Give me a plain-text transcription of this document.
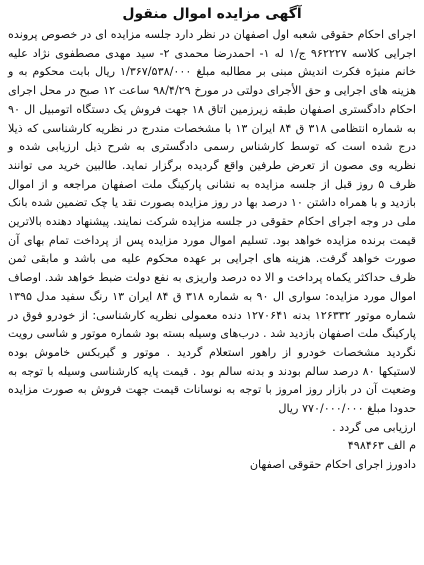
آگهی مزایده اموال منقول

اجرای احکام حقوقی شعبه اول اصفهان در نظر دارد جلسه مزایده ای در خصوص پرونده اجرایی کلاسه ۹۶۲۲۲۷ ج/۱ له ۱- احمدرضا محمدی ۲- سید مهدی مصطفوی نژاد علیه خانم منیژه فکرت اندیش مبنی بر مطالبه مبلغ ۱/۳۶۷/۵۳۸/۰۰۰ ریال بابت محکوم به و هزینه های اجرایی و حق الأجرای دولتی در مورخ ۹۸/۴/۲۹ ساعت ۱۲ صبح در محل اجرای احکام دادگستری اصفهان طبقه زیرزمین اتاق ۱۸ جهت فروش یک دستگاه اتومبیل ال ۹۰ به شماره انتظامی ۳۱۸ ق ۸۴ ایران ۱۳ با مشخصات مندرج در نظریه کارشناسی که ذیلا درج شده است که توسط کارشناس رسمی دادگستری به شرح ذیل ارزیابی شده و نظریه وی مصون از تعرض طرفین واقع گردیده برگزار نماید. طالبین خرید می توانند ظرف ۵ روز قبل از جلسه مزایده به نشانی پارکینگ ملت اصفهان مراجعه و از اموال بازدید و با همراه داشتن ۱۰ درصد بها در روز مزایده بصورت نقد یا چک تضمین شده بانک ملی در وجه اجرای احکام حقوقی در جلسه مزایده شرکت نمایند. پیشنهاد دهنده بالاترین قیمت برنده مزایده خواهد بود. تسلیم اموال مورد مزایده پس از پرداخت تمام بهای آن صورت خواهد گرفت. هزینه های اجرایی بر عهده محکوم علیه می باشد و مابقی ثمن ظرف حداکثر یکماه پرداخت و الا ده درصد واریزی به نفع دولت ضبط خواهد شد. اوصاف اموال مورد مزایده: سواری ال ۹۰ به شماره ۳۱۸ ق ۸۴ ایران ۱۳ رنگ سفید مدل ۱۳۹۵ شماره موتور ۱۲۶۳۳۲ بدنه ۱۲۷۰۶۴۱ دنده معمولی نظریه کارشناسی: از خودرو فوق در پارکینگ ملت اصفهان بازدید شد . درب‌های وسیله بسته بود شماره موتور و شاسی رویت نگردید مشخصات خودرو از راهور استعلام گردید . موتور و گیربکس خاموش بوده لاستیکها ۸۰ درصد سالم بودند و بدنه سالم بود . قیمت پایه کارشناسی وسیله با توجه به وضعیت آن در بازار روز امروز با توجه به نوسانات قیمت جهت فروش به صورت مزایده حدودا مبلغ ۷۷۰/۰۰۰/۰۰۰ ریال

ارزیابی می گردد .
م الف ۴۹۸۴۶۳
دادورز اجرای احکام حقوقی اصفهان
